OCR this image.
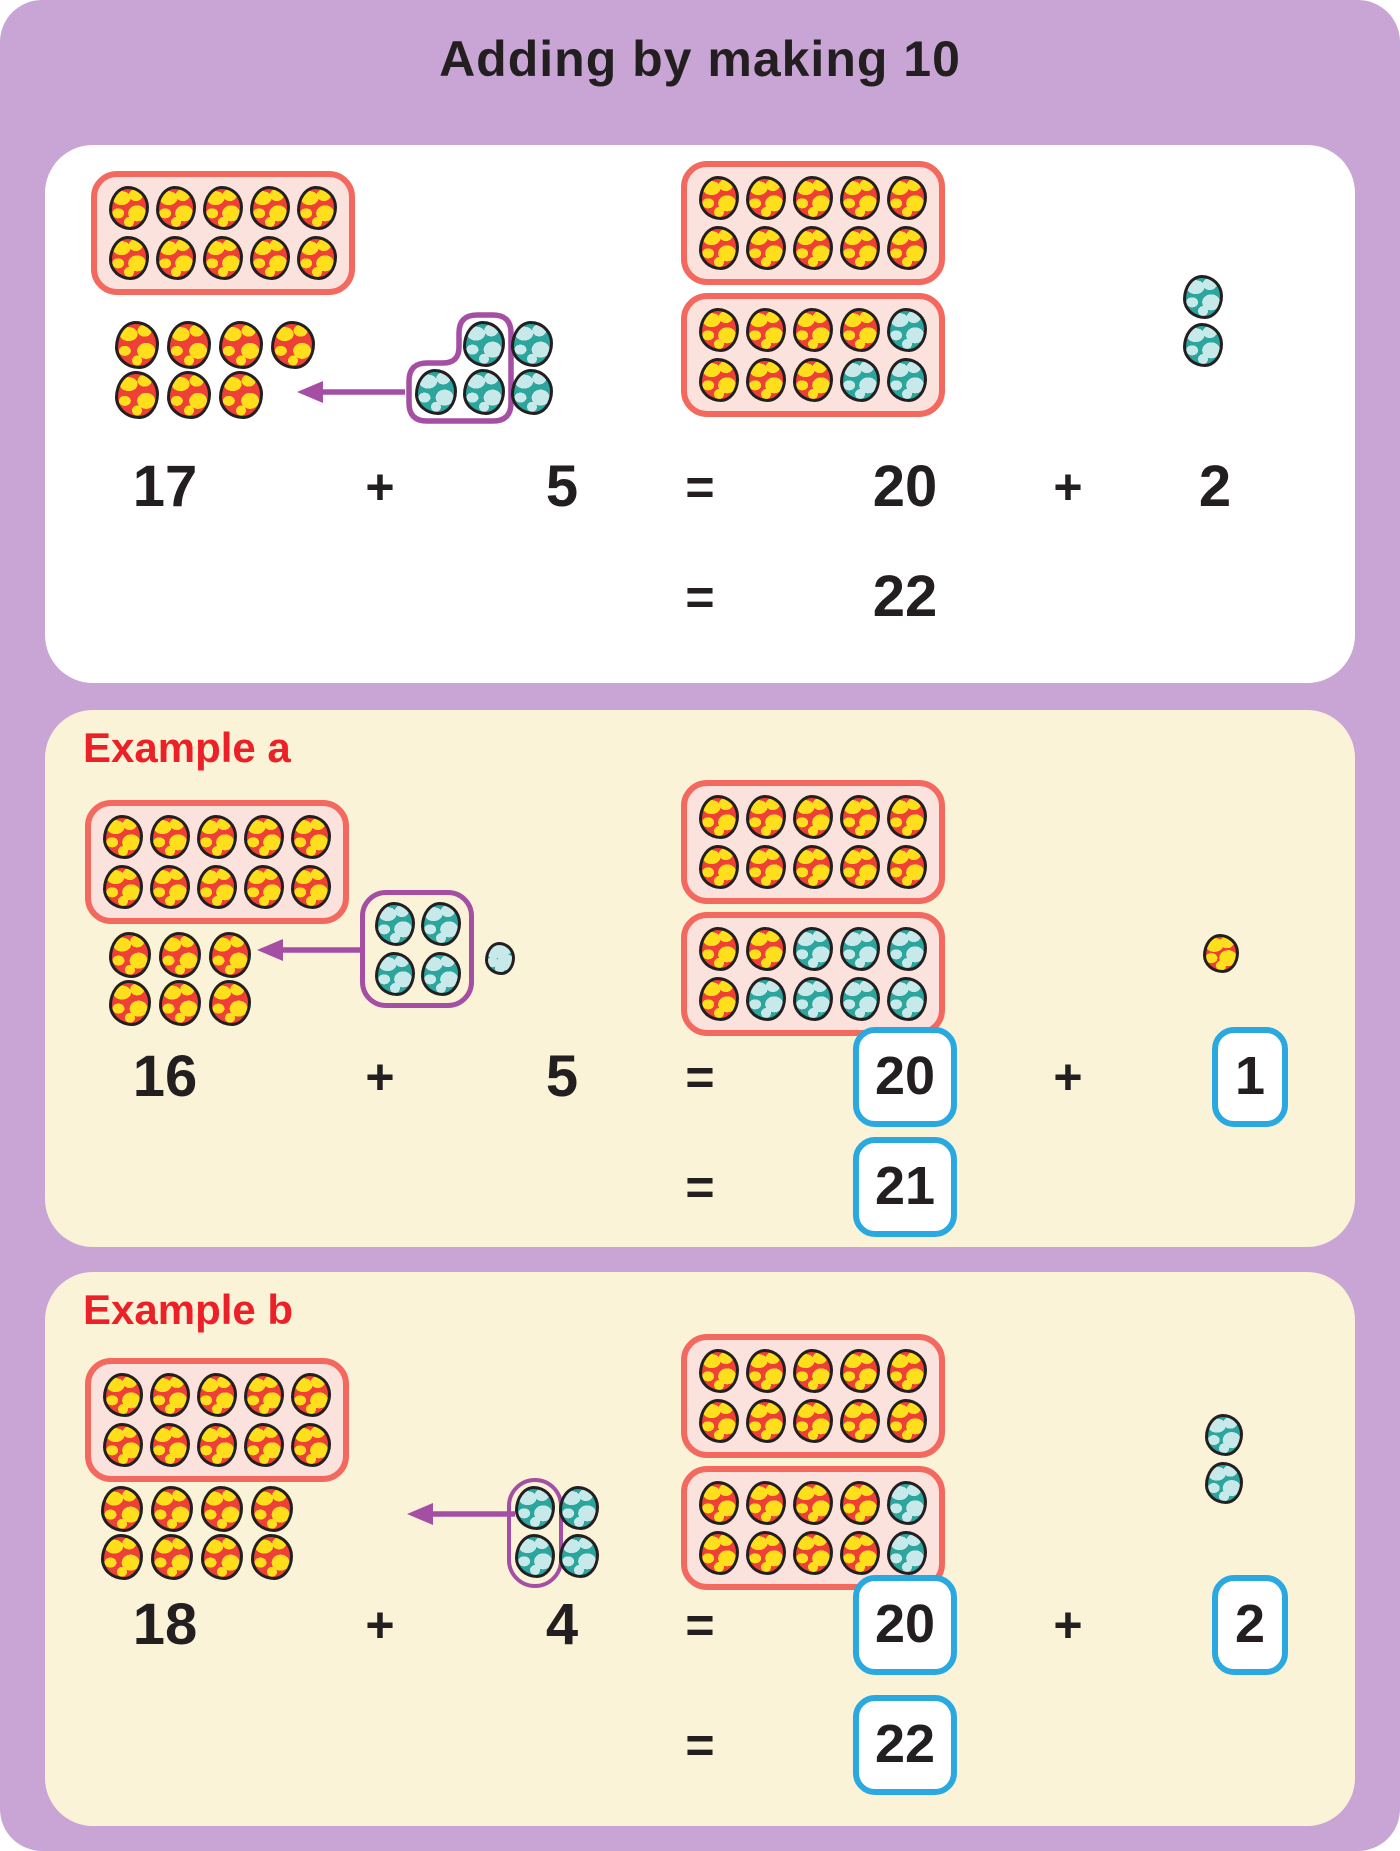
Adding by making 10
17	+	5 =	20 + 2
=	22
Example a
16	+	5 =	20	+	1
=	21
Example b
18	+	4 =	20	+	2
=	22
